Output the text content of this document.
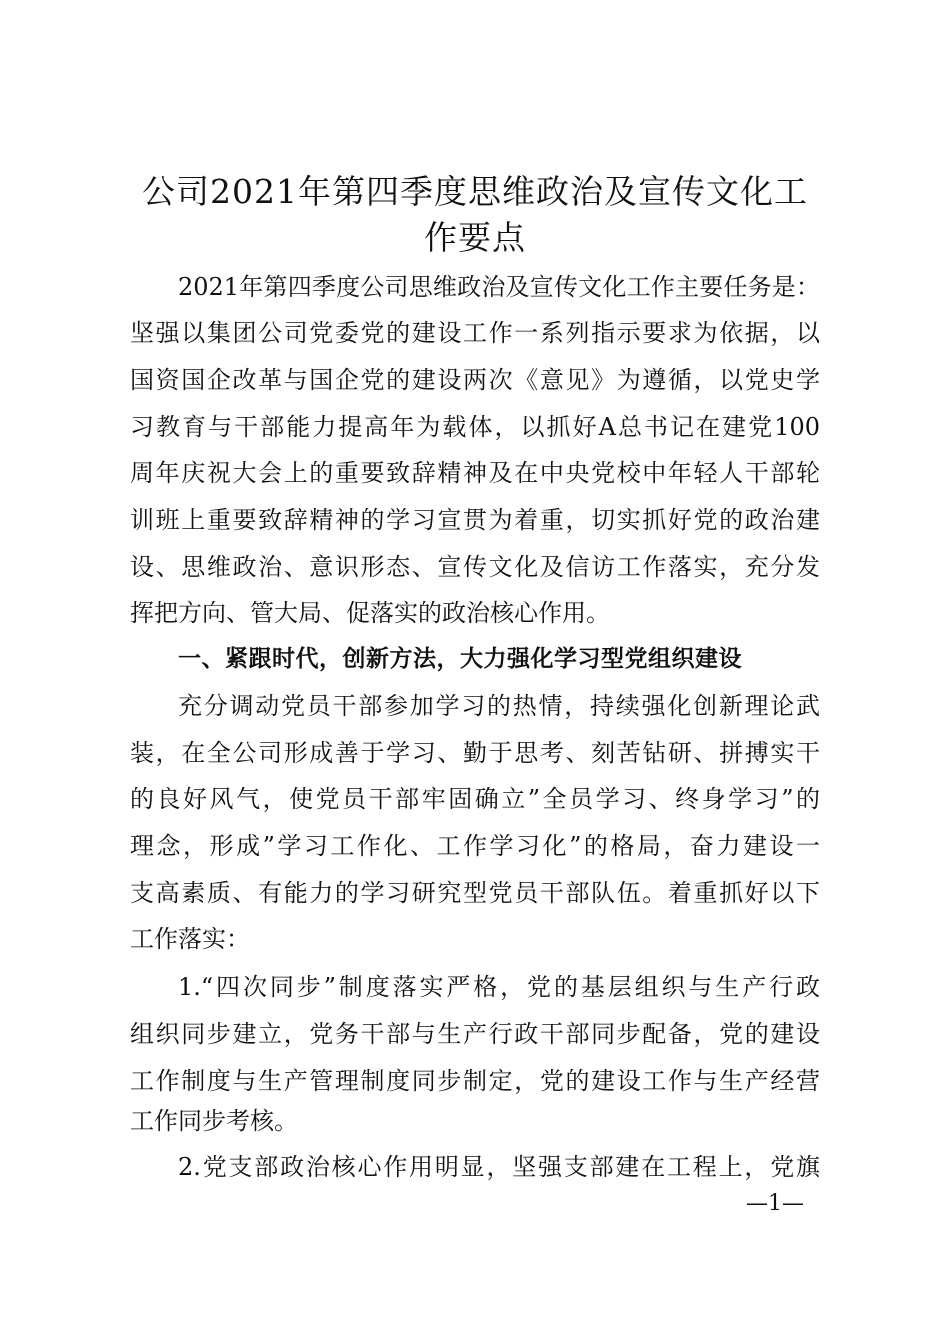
公司2021年第四季度思维政治及宣传文化工
作要点
2021年第四季度公司思维政治及宣传文化工作主要任务是：
坚强以集团公司党委党的建设工作一系列指示要求为依据，以
国资国企改革与国企党的建设两次《意见》为遵循，以党史学
习教育与干部能力提高年为载体，以抓好A总书记在建党100
周年庆祝大会上的重要致辞精神及在中央党校中年轻人干部轮
训班上重要致辞精神的学习宣贯为着重，切实抓好党的政治建
设、思维政治、意识形态、宣传文化及信访工作落实，充分发
挥把方向、管大局、促落实的政治核心作用。
一、紧跟时代，创新方法，大力强化学习型党组织建设
充分调动党员干部参加学习的热情，持续强化创新理论武
装，在全公司形成善于学习、勤于思考、刻苦钻研、拼搏实干
的良好风气，使党员干部牢固确立”全员学习、终身学习”的
理念，形成”学习工作化、工作学习化”的格局，奋力建设一
支高素质、有能力的学习研究型党员干部队伍。着重抓好以下
工作落实：
1.“四次同步”制度落实严格，党的基层组织与生产行政
组织同步建立，党务干部与生产行政干部同步配备，党的建设
工作制度与生产管理制度同步制定，党的建设工作与生产经营
工作同步考核。
2.党支部政治核心作用明显，坚强支部建在工程上，党旗
—1—
